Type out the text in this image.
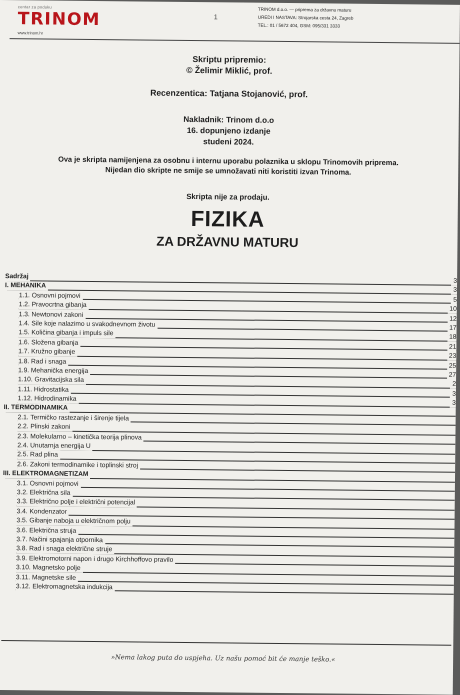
centar za poduku
TRINOM
www.trinom.hr
1
TRINOM d.o.o. — priprema za državnu maturu
UREDI I NASTAVA: Strojarska cesta 24, Zagreb
TEL.: 01 / 5672 404, GSM: 095/331 3333
Skriptu pripremio:
© Želimir Miklić, prof.
Recenzentica: Tatjana Stojanović, prof.
Nakladnik: Trinom d.o.o
16. dopunjeno izdanje
studeni 2024.
Ova je skripta namijenjena za osobnu i internu uporabu polaznika u sklopu Trinomovih priprema.
Nijedan dio skripte ne smije se umnožavati niti koristiti izvan Trinoma.
Skripta nije za prodaju.
FIZIKA
ZA DRŽAVNU MATURU
Sadržaj
3
I. MEHANIKA
3
1.1. Osnovni pojmovi
5
1.2. Pravocrtna gibanja
10
1.3. Newtonovi zakoni
12
1.4. Sile koje nalazimo u svakodnevnom životu	17
1.5. Količina gibanja i impuls sile
18
1.6. Složena gibanja
21
1.7. Kružno gibanje
23
1.8. Rad i snaga
25
1.9. Mehanička energija
27
1.10. Gravitacijska sila
2
1.11. Hidrostatika
3
1.12. Hidrodinamika
3
II. TERMODINAMIKA
2.1. Termičko rastezanje i širenje tijela
2.2. Plinski zakoni
2.3. Molekularno – kinetička teorija plinova
2.4. Unutarnja energija U
2.5. Rad plina
2.6. Zakoni termodinamike i toplinski stroj
III. ELEKTROMAGNETIZAM
3.1. Osnovni pojmovi
3.2. Električna sila
3.3. Električno polje i električni potencijal
3.4. Kondenzator
3.5. Gibanje naboja u električnom polju
3.6. Električna struja
3.7. Načini spajanja otpornika
3.8. Rad i snaga električne struje
3.9. Elektromotorni napon i drugo Kirchhoffovo pravilo
3.10. Magnetsko polje
3.11. Magnetske sile
3.12. Elektromagnetska indukcija
»Nema lakog puta do uspjeha. Uz našu pomoć bit će manje teško.«
